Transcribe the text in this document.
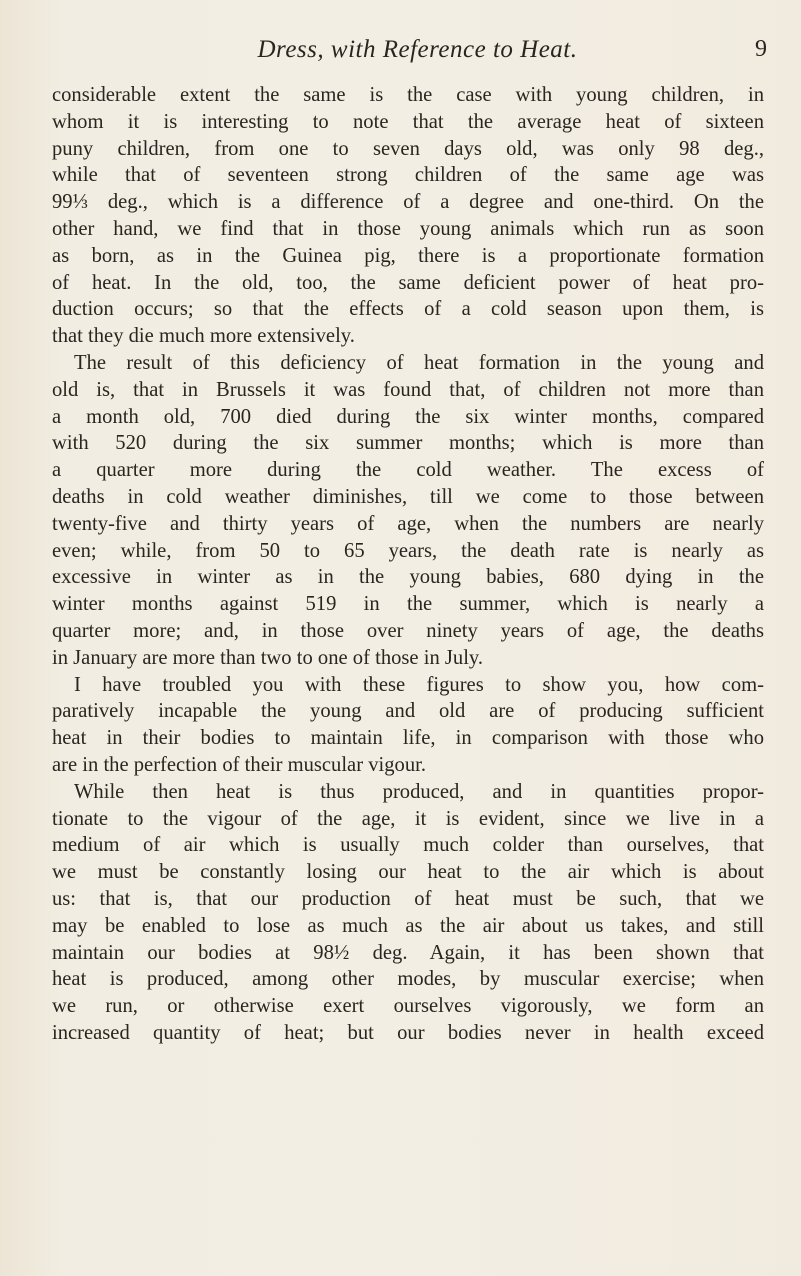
Dress, with Reference to Heat.	9
considerable extent the same is the case with young children, in
whom it is interesting to note that the average heat of sixteen
puny children, from one to seven days old, was only 98 deg.,
while that of seventeen strong children of the same age was
99⅓ deg., which is a difference of a degree and one-third. On the
other hand, we find that in those young animals which run as soon
as born, as in the Guinea pig, there is a proportionate formation
of heat. In the old, too, the same deficient power of heat pro-
duction occurs; so that the effects of a cold season upon them, is
that they die much more extensively.
The result of this deficiency of heat formation in the young and
old is, that in Brussels it was found that, of children not more than
a month old, 700 died during the six winter months, compared
with 520 during the six summer months; which is more than
a quarter more during the cold weather. The excess of
deaths in cold weather diminishes, till we come to those between
twenty-five and thirty years of age, when the numbers are nearly
even; while, from 50 to 65 years, the death rate is nearly as
excessive in winter as in the young babies, 680 dying in the
winter months against 519 in the summer, which is nearly a
quarter more; and, in those over ninety years of age, the deaths
in January are more than two to one of those in July.
I have troubled you with these figures to show you, how com-
paratively incapable the young and old are of producing sufficient
heat in their bodies to maintain life, in comparison with those who
are in the perfection of their muscular vigour.
While then heat is thus produced, and in quantities propor-
tionate to the vigour of the age, it is evident, since we live in a
medium of air which is usually much colder than ourselves, that
we must be constantly losing our heat to the air which is about
us: that is, that our production of heat must be such, that we
may be enabled to lose as much as the air about us takes, and still
maintain our bodies at 98½ deg. Again, it has been shown that
heat is produced, among other modes, by muscular exercise; when
we run, or otherwise exert ourselves vigorously, we form an
increased quantity of heat; but our bodies never in health exceed
